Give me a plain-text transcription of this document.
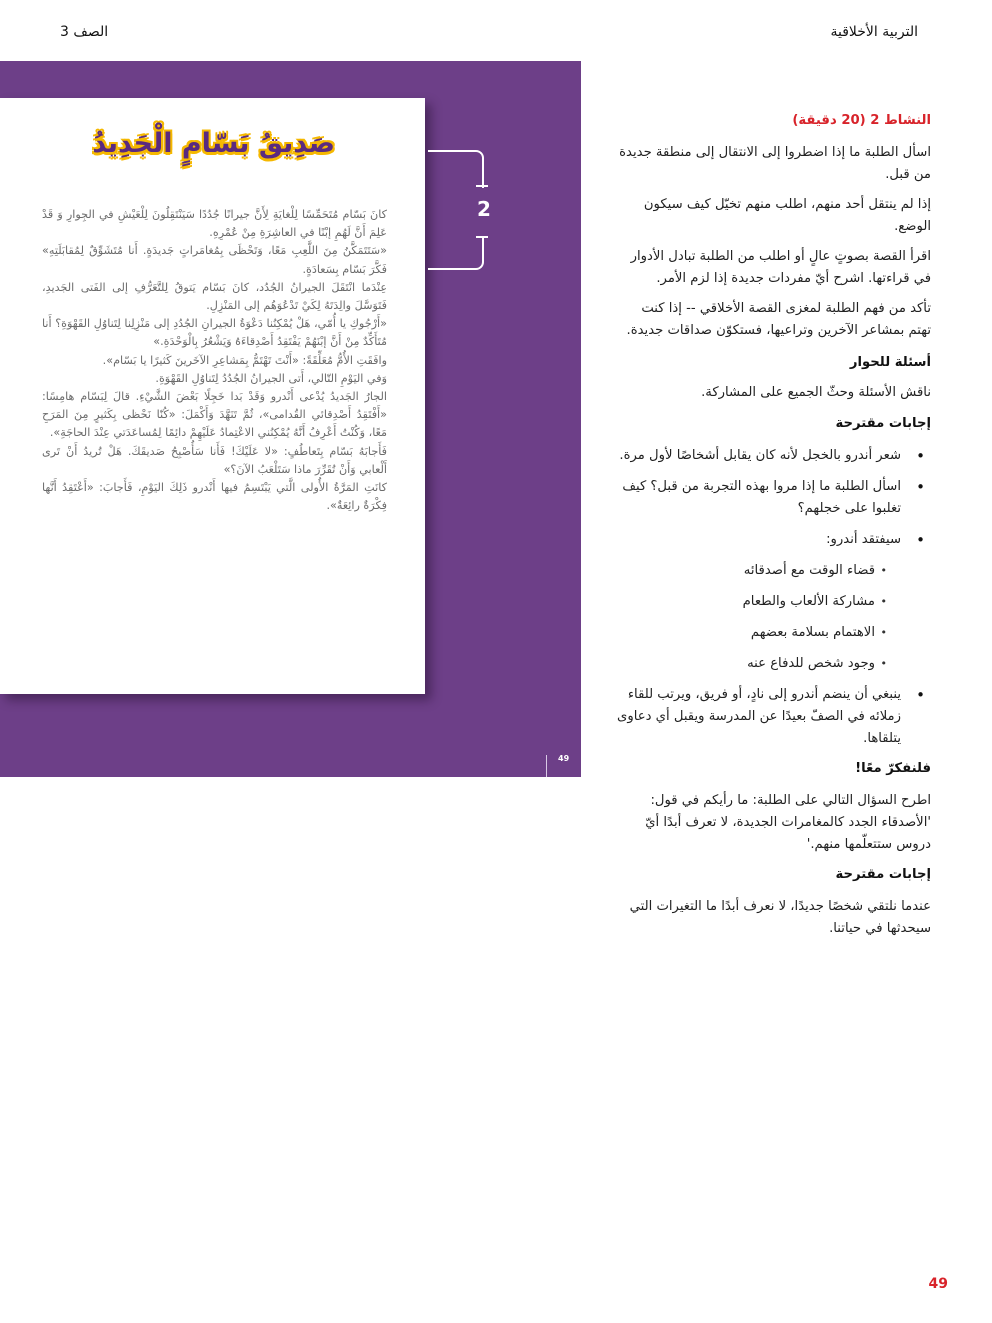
التربية الأخلاقية
الصف 3
صَدِيقُ بَسّامٍ الْجَدِيدُ

كانَ بَسّام مُتَحَمِّسًا لِلْغايَةِ لِأَنَّ جيرانًا جُدُدًا سَيَنْتَقِلُونَ لِلْعَيْشِ في الجِوارِ وَ قَدْ عَلِمَ أَنَّ لَهُمِ إبْنًا في العاشِرَةِ مِنْ عُمْرِهِ.

«سَتَتَمَكَّنُ مِنَ اللَّعِبِ مَعًا، وَتَحْظَى بِمُغامَراتٍ جَديدَةٍ. أَنا مُتَشَوِّقٌ لِمُقابَلَتِهِ» فَكَّرَ بَسّام بِسَعادَةٍ.

عِنْدَما انْتَقَلَ الجيرانُ الجُدُد، كانَ بَسّام يَتوقُ لِلتَّعَرُّفِ إلى الفَتى الجَديدِ، فَتَوَسَّلَ والِدَتَهُ لِكَيْ تَدْعُوَهُم إلى المَنْزِلِ.

«أَرْجُوكِ يا أُمّي، هَلْ يُمْكِنُنا دَعْوَةُ الجيرانِ الجُدُدِ إلى مَنْزِلِنا لِتَناوُلِ القَهْوَةِ؟ أَنا مُتَأَكِّدٌ مِنْ أَنَّ إبْنَهُمْ يَفْتَقِدُ أَصْدِقاءَهُ وَيَشْعُرُ بِالْوَحْدَةِ.»

وافَقَتِ الأُمُّ مُعَلِّقَةً: «أَنْتَ تَهْتَمُّ بِمَشاعِرِ الآخَرينَ كَثيرًا يا بَسّام».

وَفي اليَوْمِ التّالي، أَتى الجيرانُ الجُدُدُ لِتَناوُلِ القَهْوَةِ.

الجارُ الجَديدُ يُدْعى أَنْدرو وَقَدْ بَدا خَجِلًا بَعْضَ الشَّيْءِ. قالَ لِبَسّام هامِسًا: «أَفْتَقِدُ أَصْدِقائي القُدامى»، ثُمَّ تَنَهَّدَ وَأَكْمَلَ: «كُنّا نَحْظى بِكَثيرٍ مِنَ المَرَحِ مَعًا، وَكُنْتُ أَعْرِفُ أَنَّهُ يُمْكِنُني الاعْتِمادُ عَلَيْهِمْ دائِمًا لِمُساعَدَتي عِنْدَ الحاجَةِ».

فَأَجابَهُ بَسّام بِتَعاطُفٍ: «لا عَلَيْكَ! فَأَنا سَأُصْبِحُ صَديقَكَ. هَلْ تُريدُ أَنْ تَرى أَلْعابي وَأَنْ تُقَرِّرَ ماذا سَتَلْعَبُ الآنَ؟»

كانَتِ المَرَّةُ الأُولى الَّتي يَبْتَسِمُ فيها أَنْدرو ذَلِكَ اليَوْمِ، فَأَجابَ: «أَعْتَقِدُ أَنَّها فِكْرَةٌ رائِعَةٌ».

2
49

النشاط 2 (20 دقيقة)

اسأل الطلبة ما إذا اضطروا إلى الانتقال إلى منطقة جديدة من قبل.

إذا لم ينتقل أحد منهم، اطلب منهم تخيّل كيف سيكون الوضع.

اقرأ القصة بصوتٍ عالٍ أو اطلب من الطلبة تبادل الأدوار في قراءتها. اشرح أيّ مفردات جديدة إذا لزم الأمر.

تأكد من فهم الطلبة لمغزى القصة الأخلاقي -- إذا كنت تهتم بمشاعر الآخرين وتراعيها، فستكوّن صداقات جديدة.

أسئلة للحوار

ناقش الأسئلة وحثّ الجميع على المشاركة.

إجابات مقترحة

• شعر أندرو بالخجل لأنه كان يقابل أشخاصًا لأول مرة.
• اسأل الطلبة ما إذا مروا بهذه التجربة من قبل؟ كيف تغلبوا على خجلهم؟
• سيفتقد أندرو:
• قضاء الوقت مع أصدقائه
• مشاركة الألعاب والطعام
• الاهتمام بسلامة بعضهم
• وجود شخص للدفاع عنه
• ينبغي أن ينضم أندرو إلى نادٍ، أو فريق، ويرتب للقاء زملائه في الصفّ بعيدًا عن المدرسة ويقبل أي دعاوى يتلقاها.

فلنفكرّ معًا!

اطرح السؤال التالي على الطلبة: ما رأيكم في قول: 'الأصدقاء الجدد كالمغامرات الجديدة، لا تعرف أبدًا أيّ دروس ستتعلّمها منهم.'

إجابات مقترحة

عندما نلتقي شخصًا جديدًا، لا نعرف أبدًا ما التغيرات التي سيحدثها في حياتنا.

49
